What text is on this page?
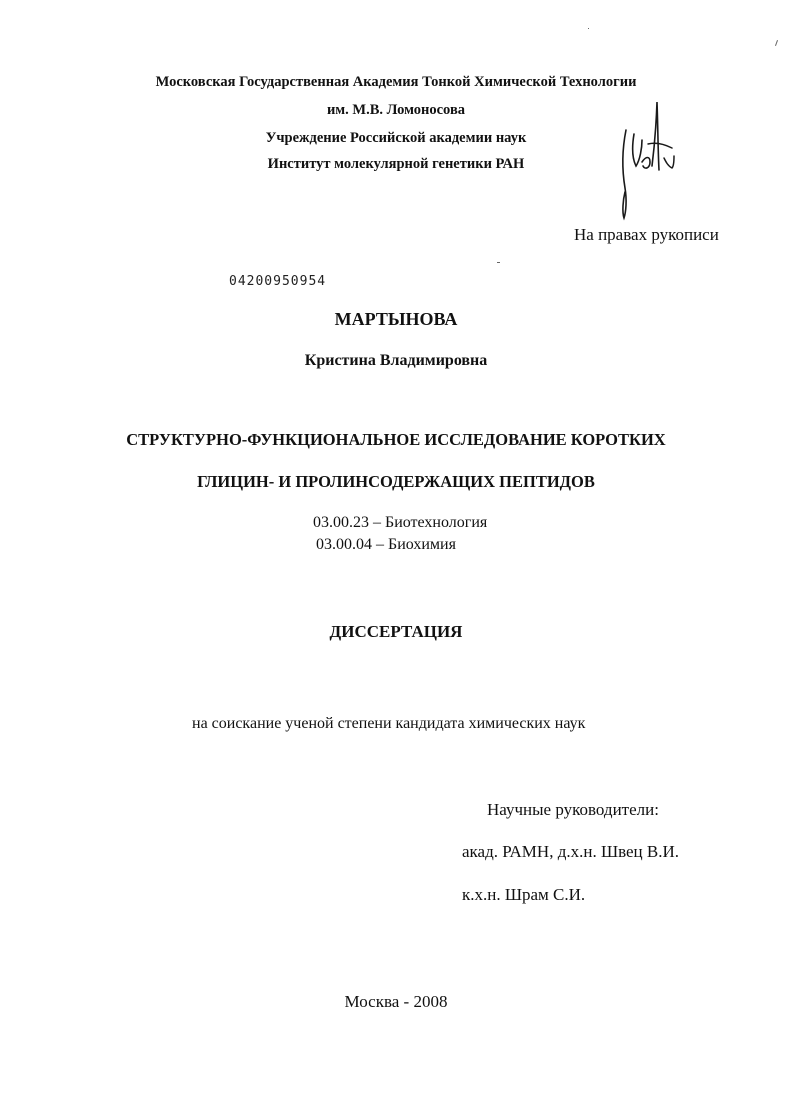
Московская Государственная Академия Тонкой Химической Технологии
им. М.В. Ломоносова
Учреждение Российской академии наук
Институт молекулярной генетики РАН
На правах рукописи
04200950954
МАРТЫНОВА
Кристина Владимировна
СТРУКТУРНО-ФУНКЦИОНАЛЬНОЕ ИССЛЕДОВАНИЕ КОРОТКИХ
ГЛИЦИН- И ПРОЛИНСОДЕРЖАЩИХ ПЕПТИДОВ
03.00.23 – Биотехнология
03.00.04 – Биохимия
ДИССЕРТАЦИЯ
на соискание ученой степени кандидата химических наук
Научные руководители:
акад. РАМН, д.х.н. Швец В.И.
к.х.н. Шрам С.И.
Москва - 2008
